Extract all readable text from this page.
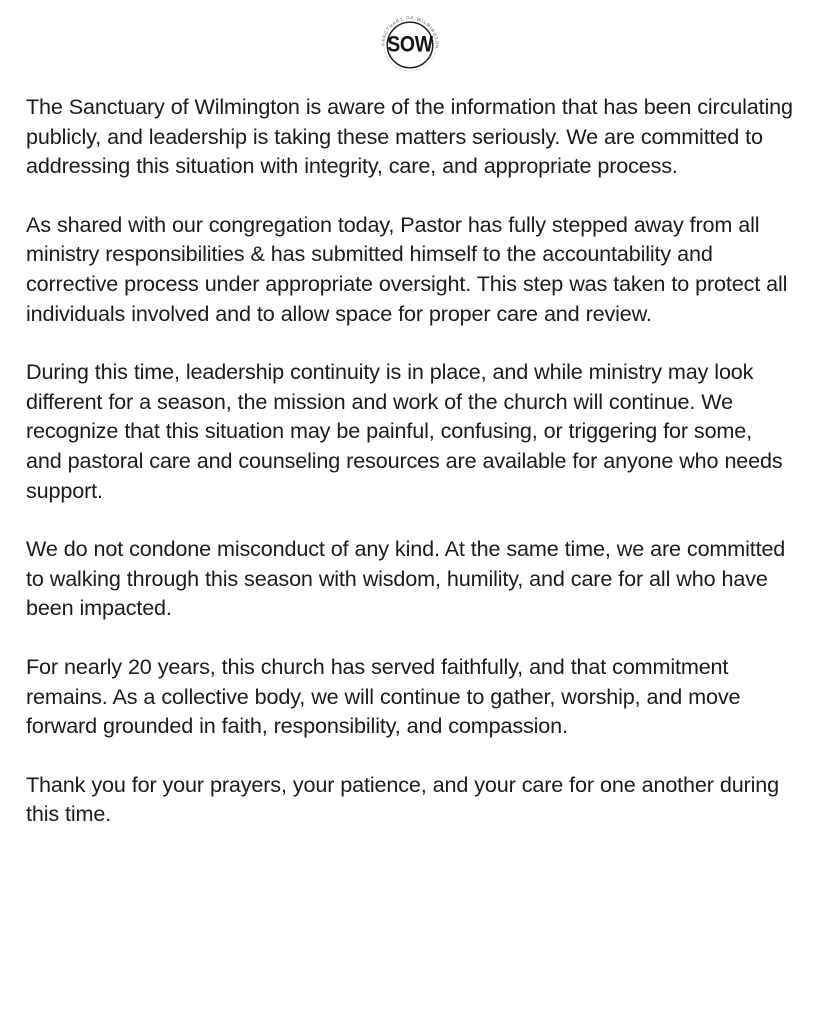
SANCTUARY OF WILMINGTON
SOW

The Sanctuary of Wilmington is aware of the information that has been circulating publicly, and leadership is taking these matters seriously. We are committed to addressing this situation with integrity, care, and appropriate process.

As shared with our congregation today, Pastor has fully stepped away from all ministry responsibilities & has submitted himself to the accountability and corrective process under appropriate oversight. This step was taken to protect all individuals involved and to allow space for proper care and review.

During this time, leadership continuity is in place, and while ministry may look different for a season, the mission and work of the church will continue. We recognize that this situation may be painful, confusing, or triggering for some, and pastoral care and counseling resources are available for anyone who needs support.

We do not condone misconduct of any kind. At the same time, we are committed to walking through this season with wisdom, humility, and care for all who have been impacted.

For nearly 20 years, this church has served faithfully, and that commitment remains. As a collective body, we will continue to gather, worship, and move forward grounded in faith, responsibility, and compassion.

Thank you for your prayers, your patience, and your care for one another during this time.
